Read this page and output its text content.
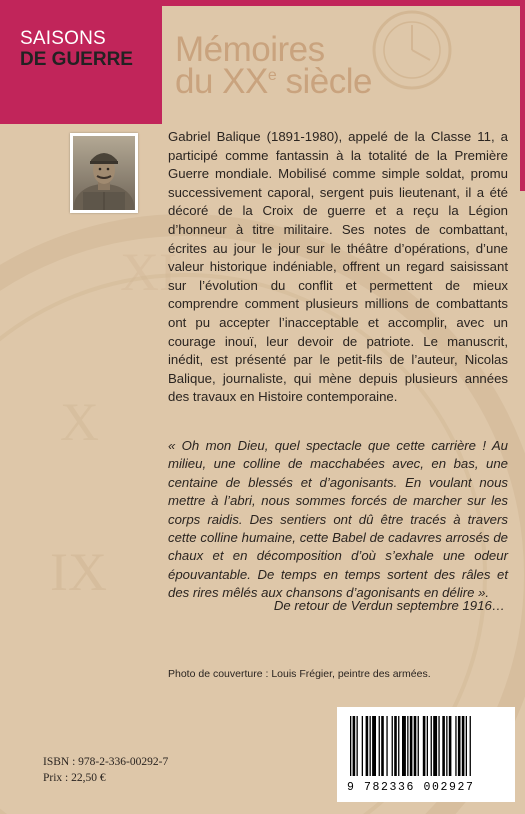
IX
X
XI
SAISONS
DE GUERRE Mémoires
du XXe siècle
Gabriel Balique (1891-1980), appelé de la Classe 11, a participé comme fantassin à la totalité de la Première Guerre mondiale. Mobilisé comme simple soldat, promu successivement caporal, sergent puis lieutenant, il a été décoré de la Croix de guerre et a reçu la Légion d’honneur à titre militaire. Ses notes de combattant, écrites au jour le jour sur le théâtre d’opérations, d’une valeur historique indéniable, offrent un regard saisissant sur l’évolution du conflit et permettent de mieux comprendre comment plusieurs millions de combattants ont pu accepter l’inacceptable et accomplir, avec un courage inouï, leur devoir de patriote. Le manuscrit, inédit, est présenté par le petit-fils de l’auteur, Nicolas Balique, journaliste, qui mène depuis plusieurs années des travaux en Histoire contemporaine.
« Oh mon Dieu, quel spectacle que cette carrière ! Au milieu, une colline de macchabées avec, en bas, une centaine de blessés et d’agonisants. En voulant nous mettre à l’abri, nous sommes forcés de marcher sur les corps raidis. Des sentiers ont dû être tracés à travers cette colline humaine, cette Babel de cadavres arrosés de chaux et en décomposition d’où s’exhale une odeur épouvantable. De temps en temps sortent des râles et des rires mêlés aux chansons d’agonisants en délire ».
De retour de Verdun septembre 1916…
Photo de couverture : Louis Frégier, peintre des armées.
ISBN : 978-2-336-00292-7
Prix : 22,50 €
9 782336 002927
